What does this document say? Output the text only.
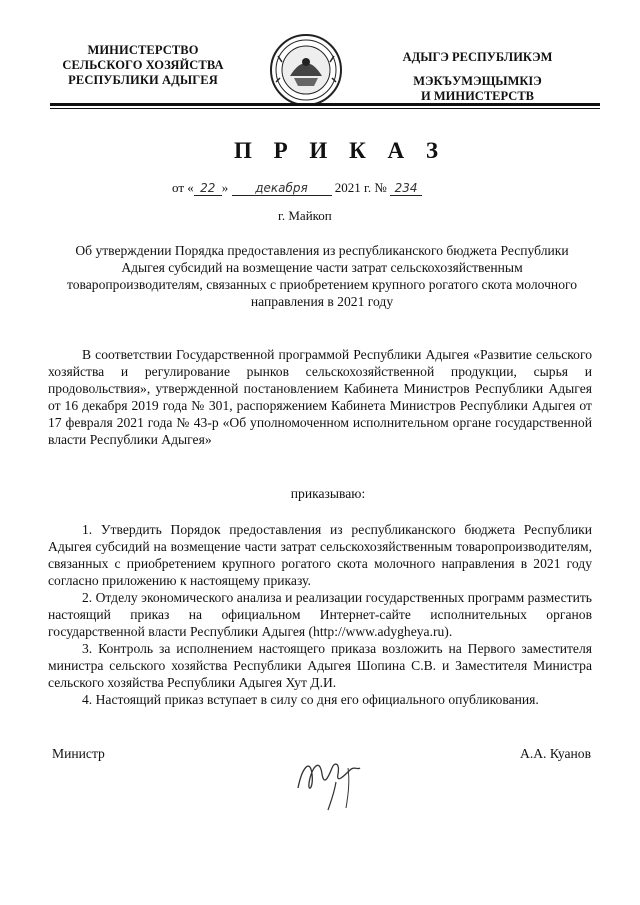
МИНИСТЕРСТВО
СЕЛЬСКОГО ХОЗЯЙСТВА
РЕСПУБЛИКИ АДЫГЕЯ
АДЫГЭ РЕСПУБЛИКЭМ
МЭКЪУМЭЩЫМКІЭ
И МИНИСТЕРСТВ
П Р И К А З
от « 22 » декабря 2021 г. № 234
г. Майкоп
Об утверждении Порядка предоставления из республиканского бюджета Республики Адыгея субсидий на возмещение части затрат сельскохозяйственным товаропроизводителям, связанных с приобретением крупного рогатого скота молочного направления в 2021 году
В соответствии Государственной программой Республики Адыгея «Развитие сельского хозяйства и регулирование рынков сельскохозяйственной продукции, сырья и продовольствия», утвержденной постановлением Кабинета Министров Республики Адыгея от 16 декабря 2019 года № 301, распоряжением Кабинета Министров Республики Адыгея от 17 февраля 2021 года № 43-р «Об уполномоченном исполнительном органе государственной власти Республики Адыгея»
приказываю:

1. Утвердить Порядок предоставления из республиканского бюджета Республики Адыгея субсидий на возмещение части затрат сельскохозяйственным товаропроизводителям, связанных с приобретением крупного рогатого скота молочного направления в 2021 году согласно приложению к настоящему приказу.

2. Отделу экономического анализа и реализации государственных программ разместить настоящий приказ на официальном Интернет-сайте исполнительных органов государственной власти Республики Адыгея (http://www.adygheya.ru).

3. Контроль за исполнением настоящего приказа возложить на Первого заместителя министра сельского хозяйства Республики Адыгея Шопина С.В. и Заместителя Министра сельского хозяйства Республики Адыгея Хут Д.И.

4. Настоящий приказ вступает в силу со дня его официального опубликования.

Министр	А.А. Куанов
